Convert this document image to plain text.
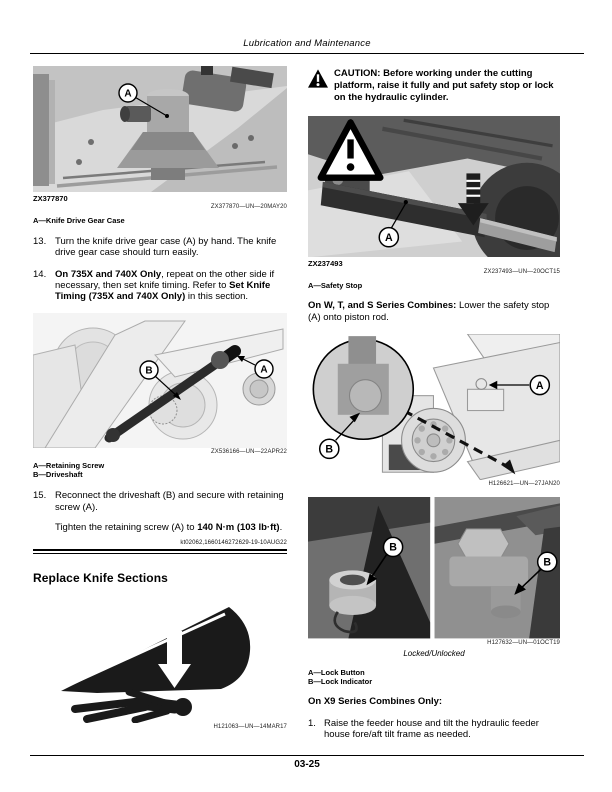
Lubrication and Maintenance
A
ZX377870
ZX377870—UN—20MAY20
A—Knife Drive Gear Case
13. Turn the knife drive gear case (A) by hand. The knife drive gear case should turn easily.
14. On 735X and 740X Only, repeat on the other side if necessary, then set knife timing. Refer to Set Knife Timing (735X and 740X Only) in this section.
B	A
ZX536166—UN—22APR22
A—Retaining Screw
B—Driveshaft
15. Reconnect the driveshaft (B) and secure with retaining screw (A).
Tighten the retaining screw (A) to 140 N·m (103 lb·ft).
kt02062,1660146272629-19-10AUG22
Replace Knife Sections
H121063—UN—14MAR17
CAUTION: Before working under the cutting platform, raise it fully and put safety stop or lock on the hydraulic cylinder.
A
ZX237493
ZX237493—UN—20OCT15
A—Safety Stop
On W, T, and S Series Combines: Lower the safety stop (A) onto piston rod.
B
A
H126621—UN—27JAN20
B
B
H127632—UN—01OCT19
Locked/Unlocked
A—Lock Button
B—Lock Indicator
On X9 Series Combines Only:
1. Raise the feeder house and tilt the hydraulic feeder house fore/aft tilt frame as needed.
03-25
